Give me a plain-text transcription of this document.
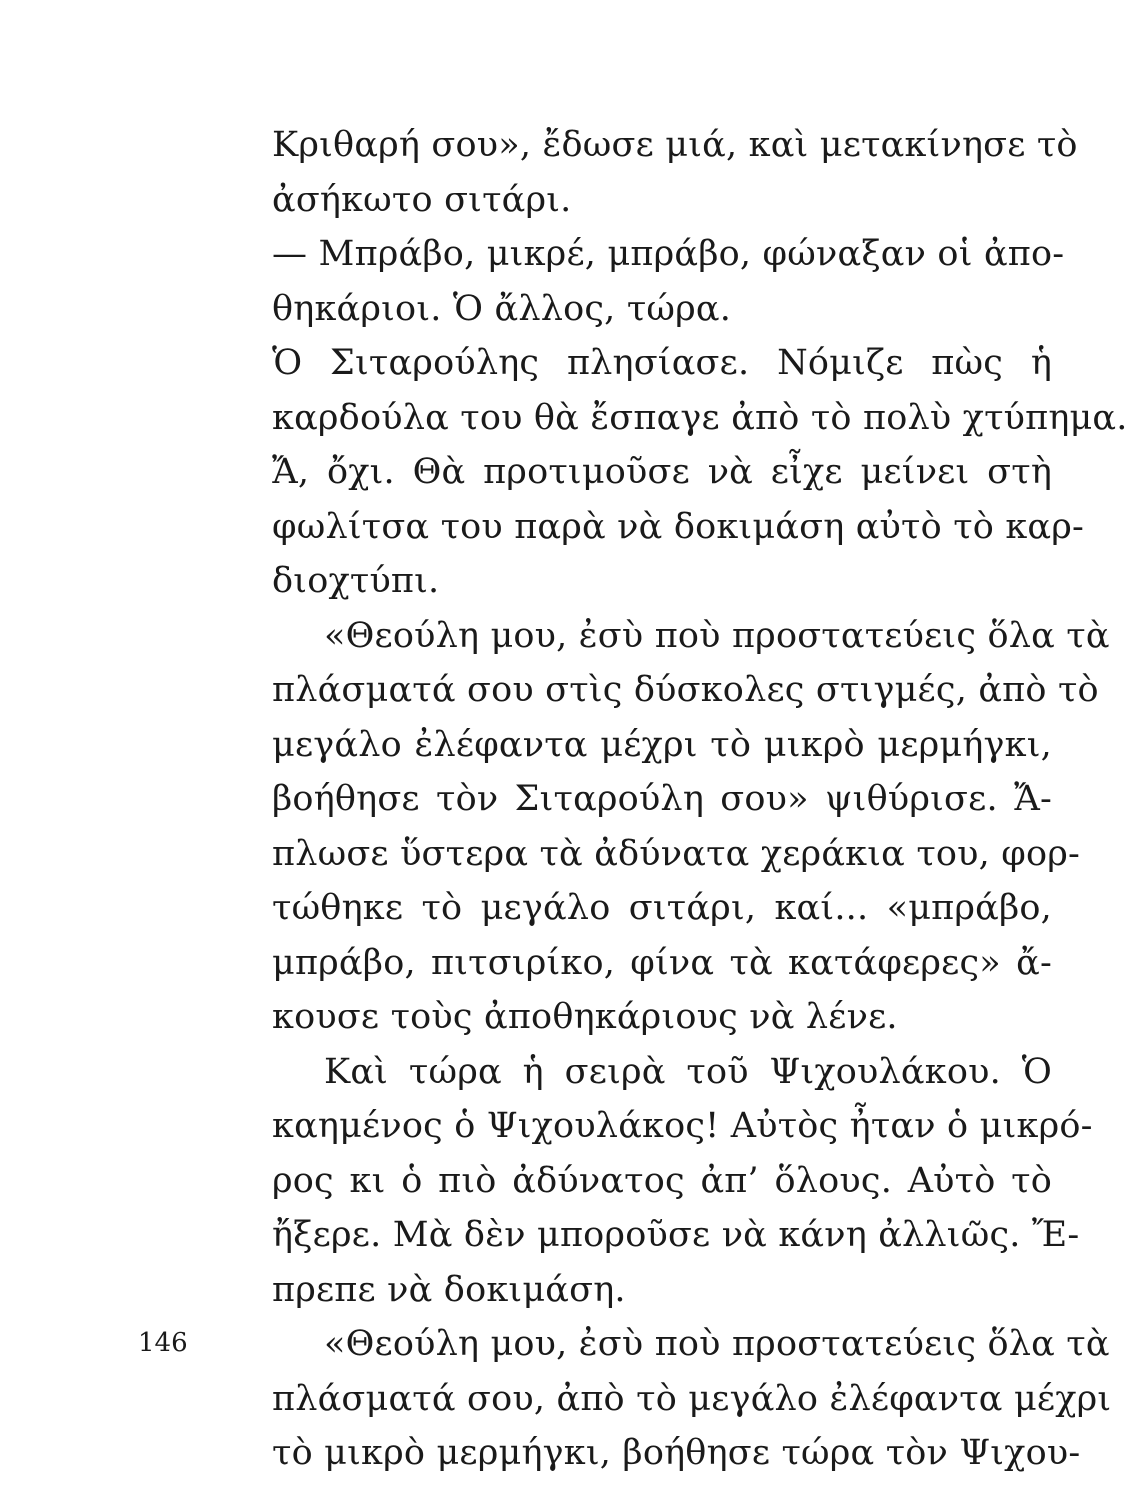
Κριθαρή σου», ἔδωσε μιά, καὶ μετακίνησε τὸ
ἀσήκωτο σιτάρι.
— Μπράβο, μικρέ, μπράβο, φώναξαν οἱ ἀπο-
θηκάριοι. Ὁ ἄλλος, τώρα.
Ὁ Σιταρούλης πλησίασε. Νόμιζε πὼς ἡ
καρδούλα του θὰ ἔσπαγε ἀπὸ τὸ πολὺ χτύπημα.
Ἄ, ὄχι. Θὰ προτιμοῦσε νὰ εἶχε μείνει στὴ
φωλίτσα του παρὰ νὰ δοκιμάση αὐτὸ τὸ καρ-
διοχτύπι.
«Θεούλη μου, ἐσὺ ποὺ προστατεύεις ὅλα τὰ
πλάσματά σου στὶς δύσκολες στιγμές, ἀπὸ τὸ
μεγάλο ἐλέφαντα μέχρι τὸ μικρὸ μερμήγκι,
βοήθησε τὸν Σιταρούλη σου» ψιθύρισε. Ἄ-
πλωσε ὕστερα τὰ ἀδύνατα χεράκια του, φορ-
τώθηκε τὸ μεγάλο σιτάρι, καί... «μπράβο,
μπράβο, πιτσιρίκο, φίνα τὰ κατάφερες» ἄ-
κουσε τοὺς ἀποθηκάριους νὰ λένε.
Καὶ τώρα ἡ σειρὰ τοῦ Ψιχουλάκου. Ὁ
καημένος ὁ Ψιχουλάκος! Αὐτὸς ἦταν ὁ μικρό-
ρος κι ὁ πιὸ ἀδύνατος ἀπ’ ὅλους. Αὐτὸ τὸ
ἤξερε. Μὰ δὲν μποροῦσε νὰ κάνη ἀλλιῶς. Ἔ-
πρεπε νὰ δοκιμάση.
«Θεούλη μου, ἐσὺ ποὺ προστατεύεις ὅλα τὰ
πλάσματά σου, ἀπὸ τὸ μεγάλο ἐλέφαντα μέχρι
τὸ μικρὸ μερμήγκι, βοήθησε τώρα τὸν Ψιχου-
146
